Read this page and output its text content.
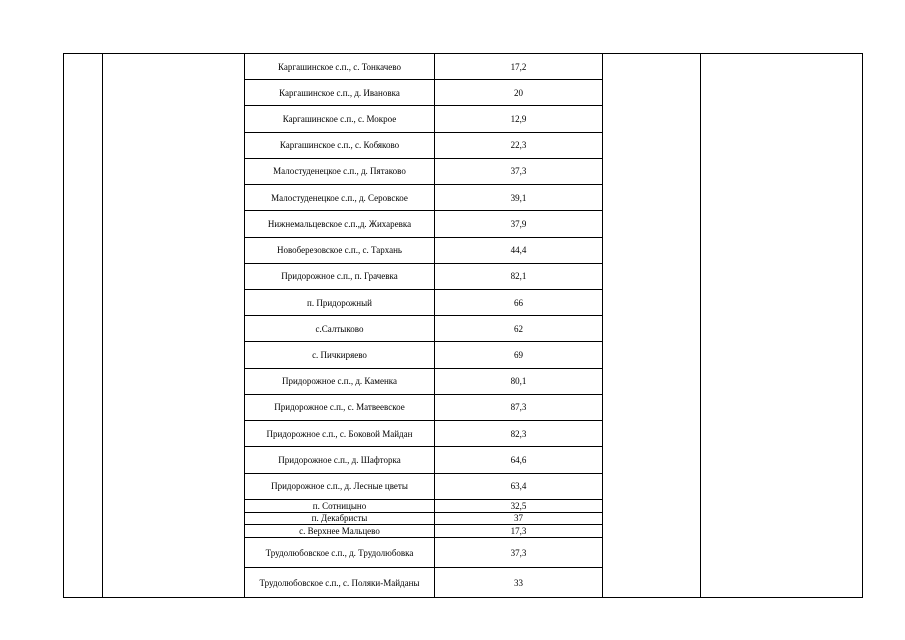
		Каргашинское с.п., с. Тонкачево	17,2		
		Каргашинское с.п., д. Ивановка	20		
		Каргашинское с.п., с. Мокрое	12,9		
		Каргашинское с.п., с. Кобяково	22,3		
		Малостуденецкое с.п., д. Пятаково	37,3		
		Малостуденецкое с.п., д. Серовское	39,1		
		Нижнемальцевское с.п.,д. Жихаревка	37,9		
		Новоберезовское с.п., с. Тархань	44,4		
		Придорожное с.п., п. Грачевка	82,1		
		п. Придорожный	66		
		с.Салтыково	62		
		с. Пичкиряево	69		
		Придорожное с.п., д. Каменка	80,1		
		Придорожное с.п., с. Матвеевское	87,3		
		Придорожное с.п., с. Боковой Майдан	82,3		
		Придорожное с.п., д. Шафторка	64,6		
		Придорожное с.п., д. Лесные цветы	63,4		
		п. Сотницыно	32,5		
		п. Декабристы	37		
		с. Верхнее Мальцево	17,3		
		Трудолюбовское с.п., д. Трудолюбовка	37,3		
		Трудолюбовское с.п., с. Поляки-Майданы	33		
